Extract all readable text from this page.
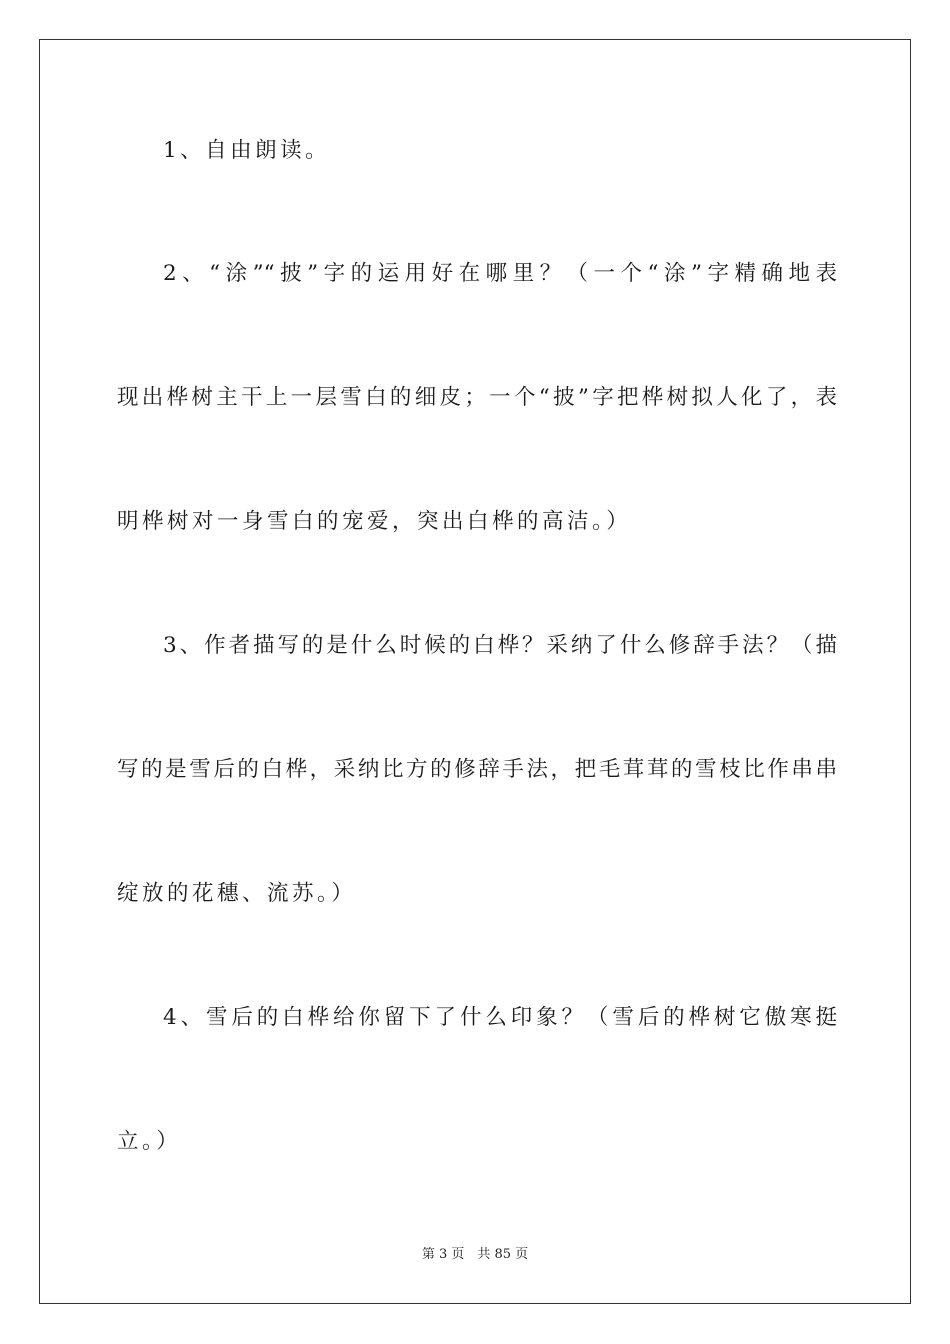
1、自由朗读。
2、“涂”“披”字的运用好在哪里？（一个“涂”字精确地表
现出桦树主干上一层雪白的细皮；一个“披”字把桦树拟人化了，表
明桦树对一身雪白的宠爱，突出白桦的高洁。）
3、作者描写的是什么时候的白桦？采纳了什么修辞手法？（描
写的是雪后的白桦，采纳比方的修辞手法，把毛茸茸的雪枝比作串串
绽放的花穗、流苏。）
4、雪后的白桦给你留下了什么印象？（雪后的桦树它傲寒挺
立。）
第 3 页　共 85 页
